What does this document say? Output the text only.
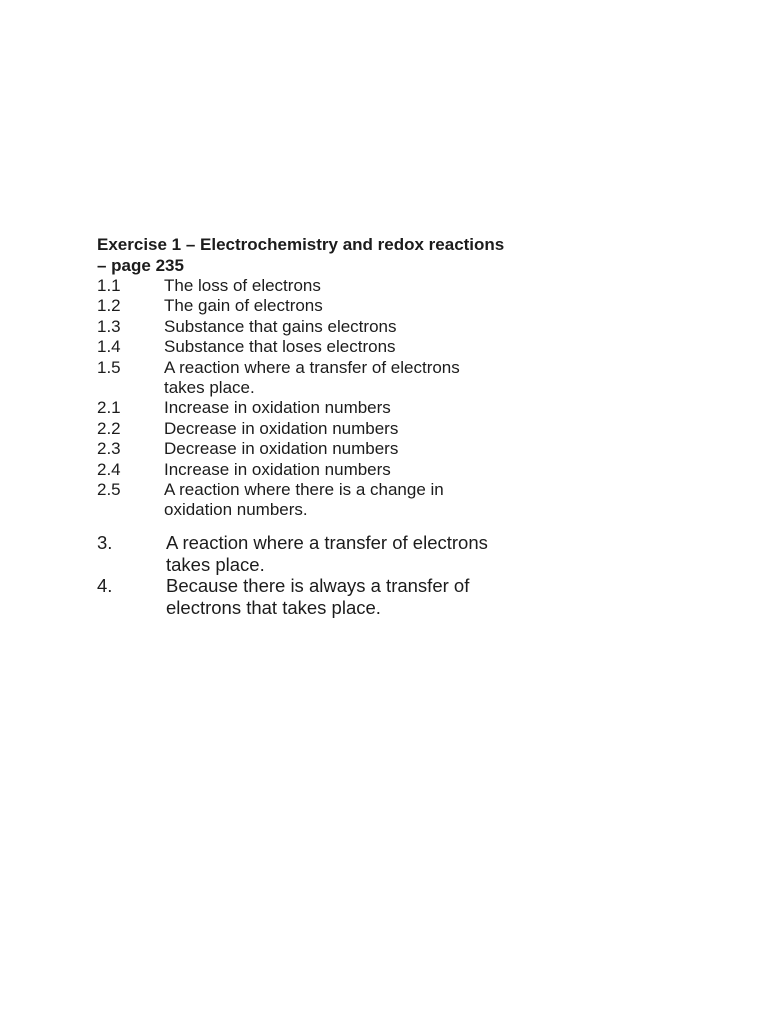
Exercise 1 – Electrochemistry and redox reactions – page 235
1.1	The loss of electrons
1.2	The gain of electrons
1.3	Substance that gains electrons
1.4	Substance that loses electrons
1.5	A reaction where a transfer of electrons takes place.
2.1	Increase in oxidation numbers
2.2	Decrease in oxidation numbers
2.3	Decrease in oxidation numbers
2.4	Increase in oxidation numbers
2.5	A reaction where there is a change in oxidation numbers.
3.	A reaction where a transfer of electrons takes place.
4.	Because there is always a transfer of electrons that takes place.
